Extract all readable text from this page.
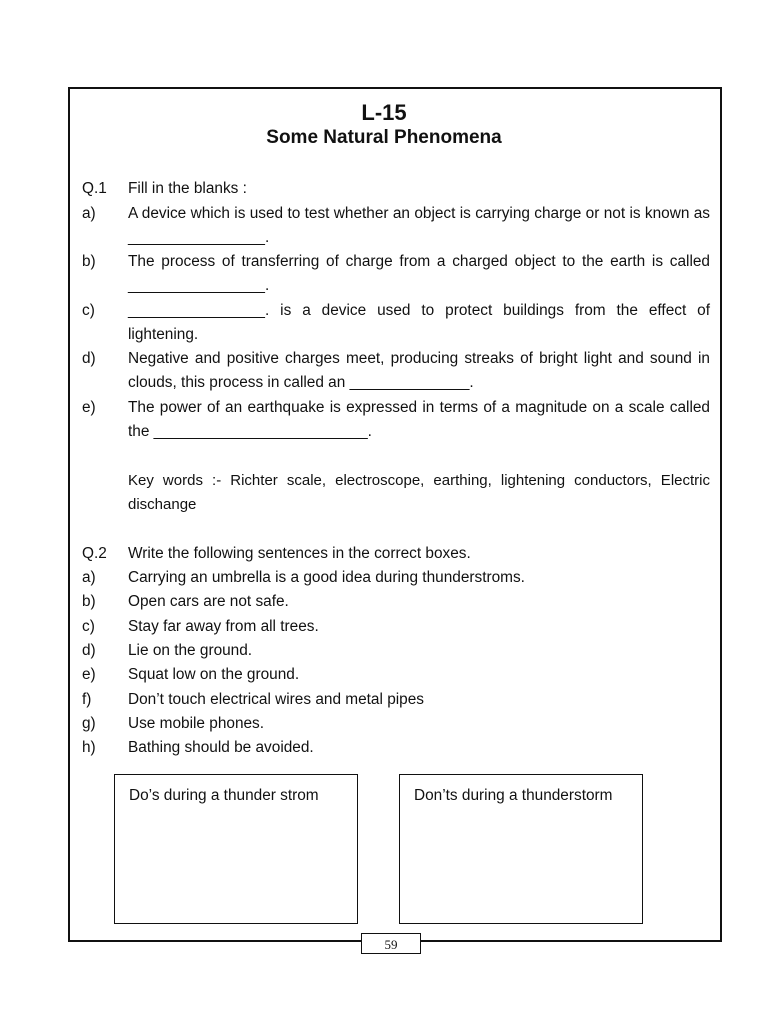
L-15
Some Natural Phenomena
Q.1 Fill in the blanks :
a) A device which is used to test whether an object is carrying charge or not is known as ________________.
b) The process of transferring of charge from a charged object to the earth is called ________________.
c) ________________. is a device used to protect buildings from the effect of lightening.
d) Negative and positive charges meet, producing streaks of bright light and sound in clouds, this process in called an ______________.
e) The power of an earthquake is expressed in terms of a magnitude on a scale called the _________________________.
Key words :- Richter scale, electroscope, earthing, lightening conductors, Electric dischange
Q.2 Write the following sentences in the correct boxes.
a) Carrying an umbrella is a good idea during thunderstroms.
b) Open cars are not safe.
c) Stay far away from all trees.
d) Lie on the ground.
e) Squat low on the ground.
f) Don’t touch electrical wires and metal pipes
g) Use mobile phones.
h) Bathing should be avoided.

Do’s during a thunder strom	Don’ts during a thunderstorm

59
